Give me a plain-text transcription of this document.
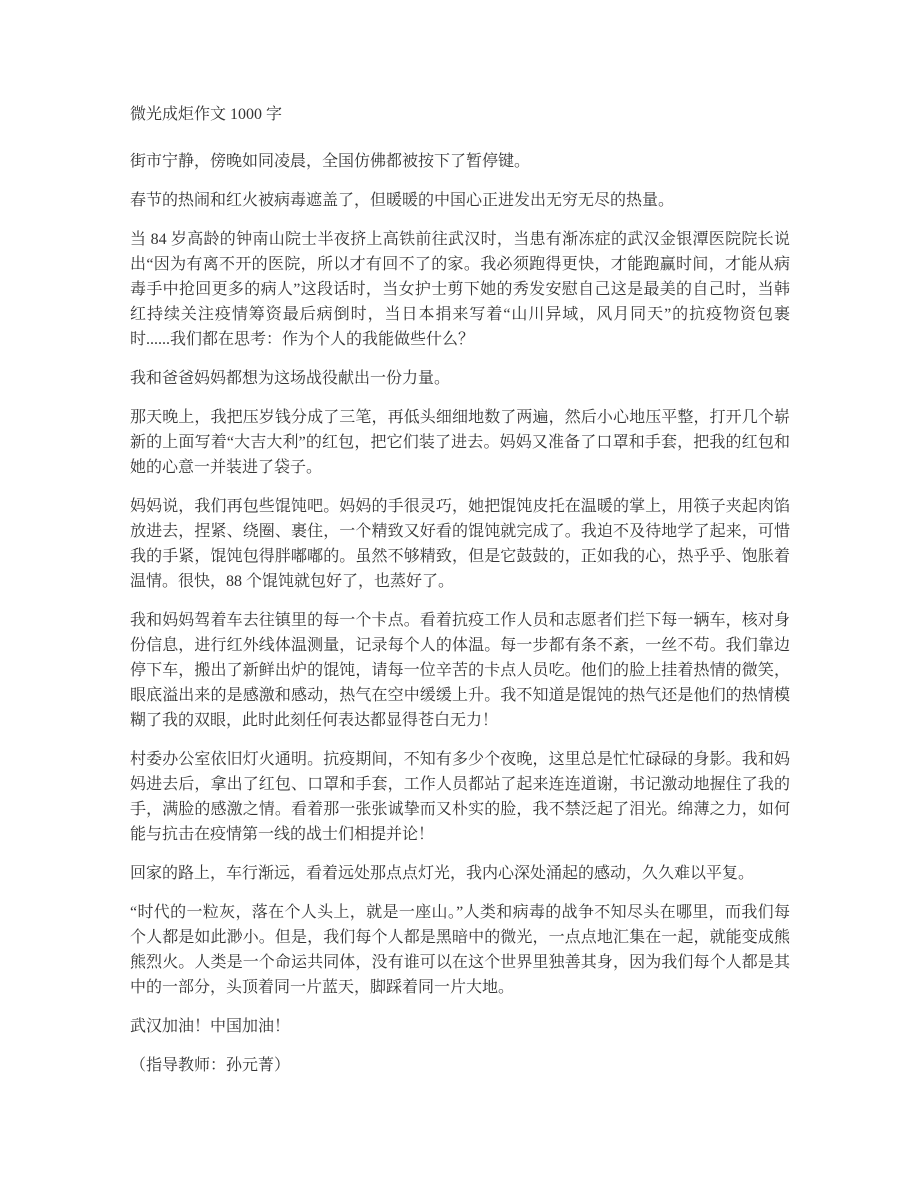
微光成炬作文 1000 字

街市宁静，傍晚如同凌晨，全国仿佛都被按下了暂停键。

春节的热闹和红火被病毒遮盖了，但暖暖的中国心正进发出无穷无尽的热量。

当 84 岁高龄的钟南山院士半夜挤上高铁前往武汉时，当患有渐冻症的武汉金银潭医院院长说出“因为有离不开的医院，所以才有回不了的家。我必须跑得更快，才能跑赢时间，才能从病毒手中抢回更多的病人”这段话时，当女护士剪下她的秀发安慰自己这是最美的自己时，当韩红持续关注疫情筹资最后病倒时，当日本捐来写着“山川异域，风月同天”的抗疫物资包裹时......我们都在思考：作为个人的我能做些什么？

我和爸爸妈妈都想为这场战役献出一份力量。

那天晚上，我把压岁钱分成了三笔，再低头细细地数了两遍，然后小心地压平整，打开几个崭新的上面写着“大吉大利”的红包，把它们装了进去。妈妈又准备了口罩和手套，把我的红包和她的心意一并装进了袋子。

妈妈说，我们再包些馄饨吧。妈妈的手很灵巧，她把馄饨皮托在温暖的掌上，用筷子夹起肉馅放进去，捏紧、绕圈、裹住，一个精致又好看的馄饨就完成了。我迫不及待地学了起来，可惜我的手紧，馄饨包得胖嘟嘟的。虽然不够精致，但是它鼓鼓的，正如我的心，热乎乎、饱胀着温情。很快，88 个馄饨就包好了，也蒸好了。

我和妈妈驾着车去往镇里的每一个卡点。看着抗疫工作人员和志愿者们拦下每一辆车，核对身份信息，进行红外线体温测量，记录每个人的体温。每一步都有条不紊，一丝不苟。我们靠边停下车，搬出了新鲜出炉的馄饨，请每一位辛苦的卡点人员吃。他们的脸上挂着热情的微笑，眼底溢出来的是感激和感动，热气在空中缓缓上升。我不知道是馄饨的热气还是他们的热情模糊了我的双眼，此时此刻任何表达都显得苍白无力！

村委办公室依旧灯火通明。抗疫期间，不知有多少个夜晚，这里总是忙忙碌碌的身影。我和妈妈进去后，拿出了红包、口罩和手套，工作人员都站了起来连连道谢，书记激动地握住了我的手，满脸的感激之情。看着那一张张诚挚而又朴实的脸，我不禁泛起了泪光。绵薄之力，如何能与抗击在疫情第一线的战士们相提并论！

回家的路上，车行渐远，看着远处那点点灯光，我内心深处涌起的感动，久久难以平复。

“时代的一粒灰，落在个人头上，就是一座山。”人类和病毒的战争不知尽头在哪里，而我们每个人都是如此渺小。但是，我们每个人都是黑暗中的微光，一点点地汇集在一起，就能变成熊熊烈火。人类是一个命运共同体，没有谁可以在这个世界里独善其身，因为我们每个人都是其中的一部分，头顶着同一片蓝天，脚踩着同一片大地。

武汉加油！中国加油！

（指导教师：孙元菁）
